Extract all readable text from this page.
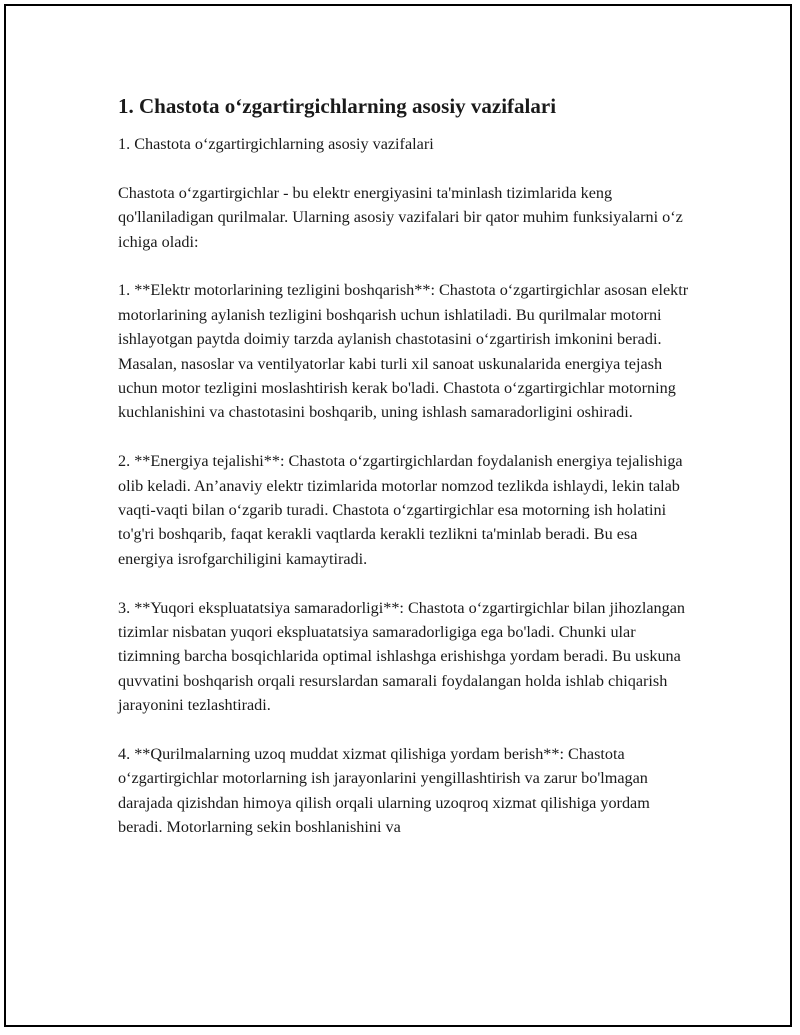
1. Chastota o‘zgartirgichlarning asosiy vazifalari

1. Chastota o‘zgartirgichlarning asosiy vazifalari

Chastota o‘zgartirgichlar - bu elektr energiyasini ta'minlash tizimlarida keng qo'llaniladigan qurilmalar. Ularning asosiy vazifalari bir qator muhim funksiyalarni o‘z ichiga oladi:

1. **Elektr motorlarining tezligini boshqarish**: Chastota o‘zgartirgichlar asosan elektr motorlarining aylanish tezligini boshqarish uchun ishlatiladi. Bu qurilmalar motorni ishlayotgan paytda doimiy tarzda aylanish chastotasini o‘zgartirish imkonini beradi. Masalan, nasoslar va ventilyatorlar kabi turli xil sanoat uskunalarida energiya tejash uchun motor tezligini moslashtirish kerak bo'ladi. Chastota o‘zgartirgichlar motorning kuchlanishini va chastotasini boshqarib, uning ishlash samaradorligini oshiradi.

2. **Energiya tejalishi**: Chastota o‘zgartirgichlardan foydalanish energiya tejalishiga olib keladi. An’anaviy elektr tizimlarida motorlar nomzod tezlikda ishlaydi, lekin talab vaqti-vaqti bilan o‘zgarib turadi. Chastota o‘zgartirgichlar esa motorning ish holatini to'g'ri boshqarib, faqat kerakli vaqtlarda kerakli tezlikni ta'minlab beradi. Bu esa energiya isrofgarchiligini kamaytiradi.

3. **Yuqori ekspluatatsiya samaradorligi**: Chastota o‘zgartirgichlar bilan jihozlangan tizimlar nisbatan yuqori ekspluatatsiya samaradorligiga ega bo'ladi. Chunki ular tizimning barcha bosqichlarida optimal ishlashga erishishga yordam beradi. Bu uskuna quvvatini boshqarish orqali resurslardan samarali foydalangan holda ishlab chiqarish jarayonini tezlashtiradi.

4. **Qurilmalarning uzoq muddat xizmat qilishiga yordam berish**: Chastota o‘zgartirgichlar motorlarning ish jarayonlarini yengillashtirish va zarur bo'lmagan darajada qizishdan himoya qilish orqali ularning uzoqroq xizmat qilishiga yordam beradi. Motorlarning sekin boshlanishini va
